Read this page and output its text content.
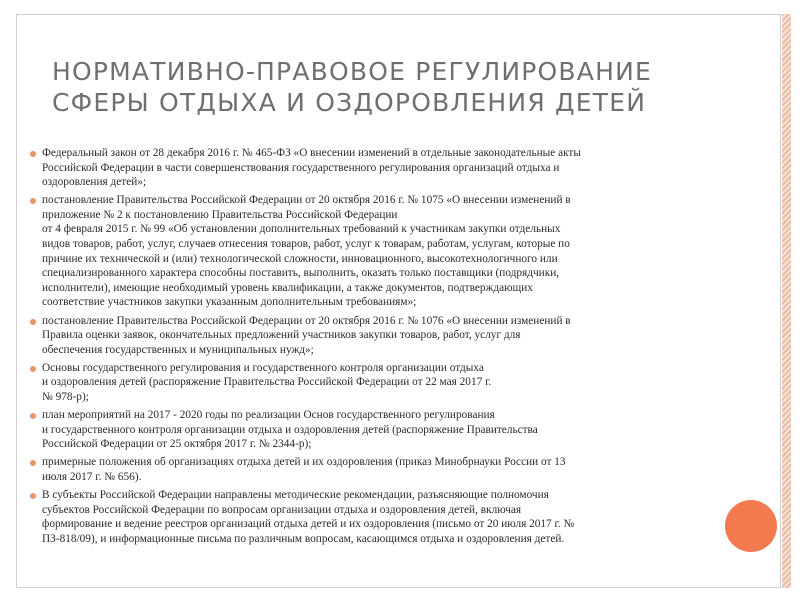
НОРМАТИВНО-ПРАВОВОЕ РЕГУЛИРОВАНИЕ
СФЕРЫ ОТДЫХА И ОЗДОРОВЛЕНИЯ ДЕТЕЙ
Федеральный закон от 28 декабря 2016 г. № 465-ФЗ «О внесении изменений в отдельные законодательные акты
Российской Федерации в части совершенствования государственного регулирования организаций отдыха и
оздоровления детей»;
постановление Правительства Российской Федерации от 20 октября 2016 г. № 1075 «О внесении изменений в
приложение № 2 к постановлению Правительства Российской Федерации
от 4 февраля 2015 г. № 99 «Об установлении дополнительных требований к участникам закупки отдельных
видов товаров, работ, услуг, случаев отнесения товаров, работ, услуг к товарам, работам, услугам, которые по
причине их технической и (или) технологической сложности, инновационного, высокотехнологичного или
специализированного характера способны поставить, выполнить, оказать только поставщики (подрядчики,
исполнители), имеющие необходимый уровень квалификации, а также документов, подтверждающих
соответствие участников закупки указанным дополнительным требованиям»;
постановление Правительства Российской Федерации от 20 октября 2016 г. № 1076 «О внесении изменений в
Правила оценки заявок, окончательных предложений участников закупки товаров, работ, услуг для
обеспечения государственных и муниципальных нужд»;
Основы государственного регулирования и государственного контроля организации отдыха
и оздоровления детей (распоряжение Правительства Российской Федерации от 22 мая 2017 г.
№ 978-р);
план мероприятий на 2017 - 2020 годы по реализации Основ государственного регулирования
и государственного контроля организации отдыха и оздоровления детей (распоряжение Правительства
Российской Федерации от 25 октября 2017 г. № 2344-р);
примерные положения об организациях отдыха детей и их оздоровления (приказ Минобрнауки России от 13
июля 2017 г. № 656).
В субъекты Российской Федерации направлены методические рекомендации, разъясняющие полномочия
субъектов Российской Федерации по вопросам организации отдыха и оздоровления детей, включая
формирование и ведение реестров организаций отдыха детей и их оздоровления (письмо от 20 июля 2017 г. №
ПЗ-818/09), и информационные письма по различным вопросам, касающимся отдыха и оздоровления детей.
